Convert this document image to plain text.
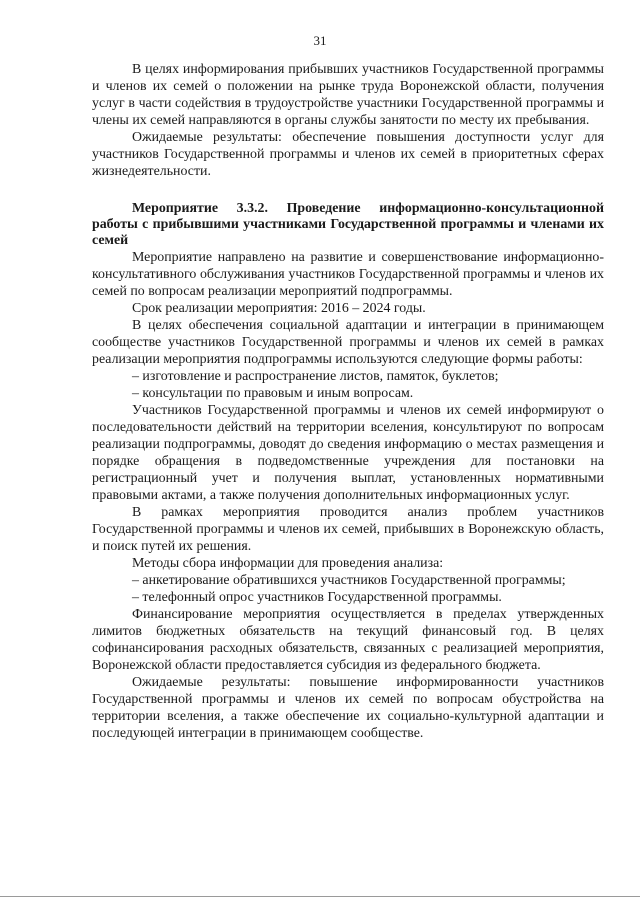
31

В целях информирования прибывших участников Государственной программы и членов их семей о положении на рынке труда Воронежской области, получения услуг в части содействия в трудоустройстве участники Государственной программы и члены их семей направляются в органы службы занятости по месту их пребывания.

Ожидаемые результаты: обеспечение повышения доступности услуг для участников Государственной программы и членов их семей в приоритетных сферах жизнедеятельности.

Мероприятие 3.3.2. Проведение информационно-консультационной работы с прибывшими участниками Государственной программы и членами их семей

Мероприятие направлено на развитие и совершенствование информационно-консультативного обслуживания участников Государственной программы и членов их семей по вопросам реализации мероприятий подпрограммы.

Срок реализации мероприятия: 2016 – 2024 годы.

В целях обеспечения социальной адаптации и интеграции в принимающем сообществе участников Государственной программы и членов их семей в рамках реализации мероприятия подпрограммы используются следующие формы работы:

– изготовление и распространение листов, памяток, буклетов;

– консультации по правовым и иным вопросам.

Участников Государственной программы и членов их семей информируют о последовательности действий на территории вселения, консультируют по вопросам реализации подпрограммы, доводят до сведения информацию о местах размещения и порядке обращения в подведомственные учреждения для постановки на регистрационный учет и получения выплат, установленных нормативными правовыми актами, а также получения дополнительных информационных услуг.

В рамках мероприятия проводится анализ проблем участников Государственной программы и членов их семей, прибывших в Воронежскую область, и поиск путей их решения.

Методы сбора информации для проведения анализа:

– анкетирование обратившихся участников Государственной программы;

– телефонный опрос участников Государственной программы.

Финансирование мероприятия осуществляется в пределах утвержденных лимитов бюджетных обязательств на текущий финансовый год. В целях софинансирования расходных обязательств, связанных с реализацией мероприятия, Воронежской области предоставляется субсидия из федерального бюджета.

Ожидаемые результаты: повышение информированности участников Государственной программы и членов их семей по вопросам обустройства на территории вселения, а также обеспечение их социально-культурной адаптации и последующей интеграции в принимающем сообществе.
